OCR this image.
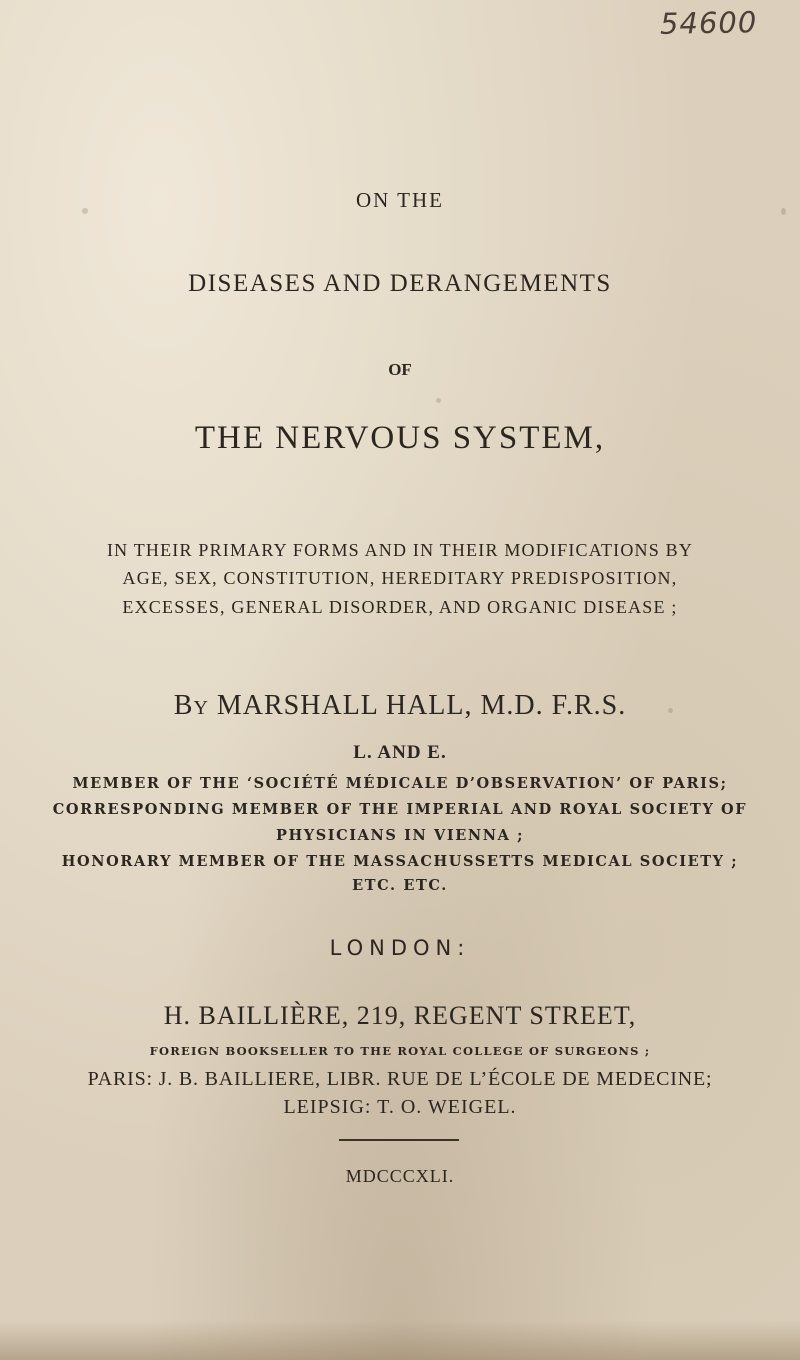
54600
ON THE
DISEASES AND DERANGEMENTS
OF
THE NERVOUS SYSTEM,
IN THEIR PRIMARY FORMS AND IN THEIR MODIFICATIONS BY
AGE, SEX, CONSTITUTION, HEREDITARY PREDISPOSITION,
EXCESSES, GENERAL DISORDER, AND ORGANIC DISEASE ;
By MARSHALL HALL, M.D. F.R.S.
L. AND E.
MEMBER OF THE ‘SOCIÉTÉ MÉDICALE D’OBSERVATION’ OF PARIS;
CORRESPONDING MEMBER OF THE IMPERIAL AND ROYAL SOCIETY OF
PHYSICIANS IN VIENNA ;
HONORARY MEMBER OF THE MASSACHUSSETTS MEDICAL SOCIETY ;
ETC. ETC.
LONDON:
H. BAILLIÈRE, 219, REGENT STREET,
FOREIGN BOOKSELLER TO THE ROYAL COLLEGE OF SURGEONS ;
PARIS: J. B. BAILLIERE, LIBR. RUE DE L’ÉCOLE DE MEDECINE;
LEIPSIG: T. O. WEIGEL.
MDCCCXLI.
